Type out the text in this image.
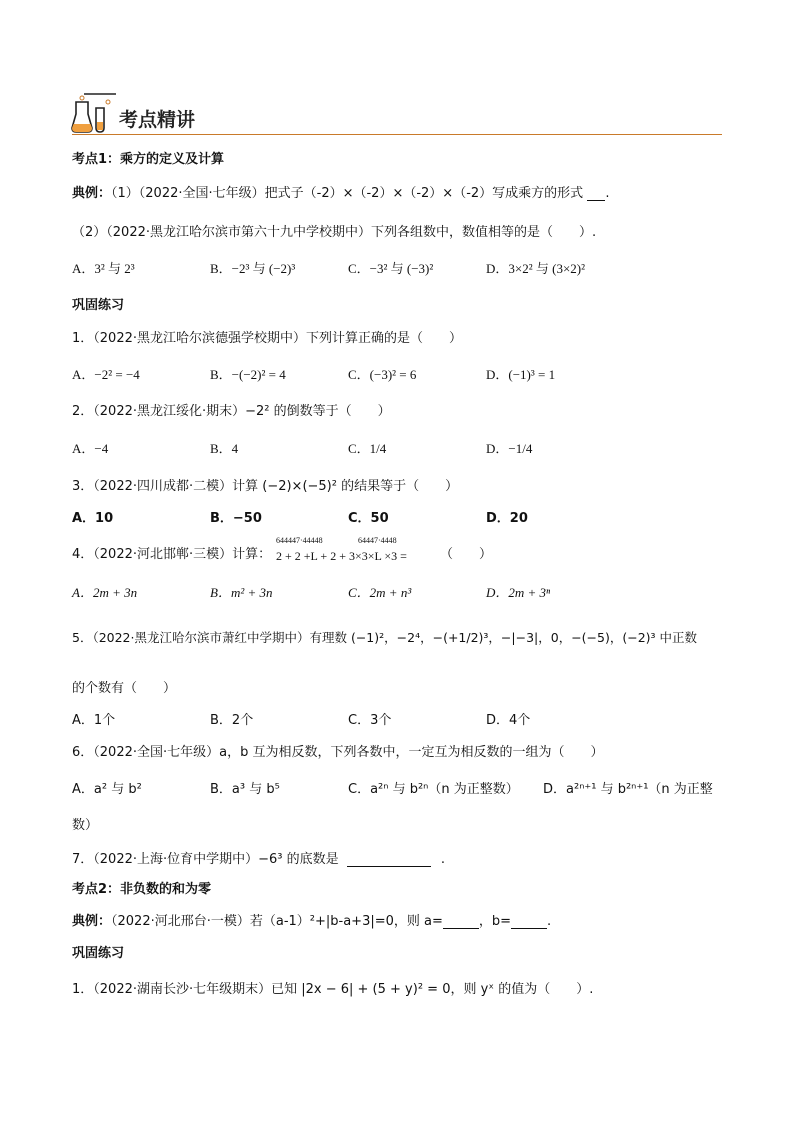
考点精讲
考点1：乘方的定义及计算
典例：（1）（2022·全国·七年级）把式子（-2）×（-2）×（-2）×（-2）写成乘方的形式 .
（2）（2022·黑龙江哈尔滨市第六十九中学校期中）下列各组数中，数值相等的是（　　）.
A．3² 与 2³	B．−2³ 与 (−2)³	C．−3² 与 (−3)²	D．3×2² 与 (3×2)²
巩固练习
1．（2022·黑龙江哈尔滨德强学校期中）下列计算正确的是（　　）
A．−2² = −4	B．−(−2)² = 4	C．(−3)² = 6	D．(−1)³ = 1
2．（2022·黑龙江绥化·期末）−2² 的倒数等于（　　）
A．−4	B．4	C．1/4	D．−1/4
3．（2022·四川成都·二模）计算 (−2)×(−5)² 的结果等于（　　）
A．10	B．−50	C．50	D．20
4．（2022·河北邯郸·三模）计算：
644447·44448	64447·4448
2 + 2 +L + 2 + 3×3×L ×3 =	（　　）
A．2m + 3n	B．m² + 3n	C．2m + n³	D．2m + 3ⁿ
5．（2022·黑龙江哈尔滨市萧红中学期中）有理数 (−1)²，−2⁴，−(+1/2)³，−|−3|，0，−(−5)，(−2)³ 中正数
的个数有（　　）
A．1个	B．2个	C．3个	D．4个
6．（2022·全国·七年级）a，b 互为相反数，下列各数中，一定互为相反数的一组为（　　）
A．a² 与 b²	B．a³ 与 b⁵	C．a²ⁿ 与 b²ⁿ（n 为正整数） D．a²ⁿ⁺¹ 与 b²ⁿ⁺¹（n 为正整
数）
7．（2022·上海·位育中学期中）−6³ 的底数是	.
考点2：非负数的和为零
典例：（2022·河北邢台·一模）若（a-1）²+|b-a+3|=0，则 a=	，b=	.
巩固练习
1．（2022·湖南长沙·七年级期末）已知 |2x − 6| + (5 + y)² = 0，则 yˣ 的值为（　　）.
